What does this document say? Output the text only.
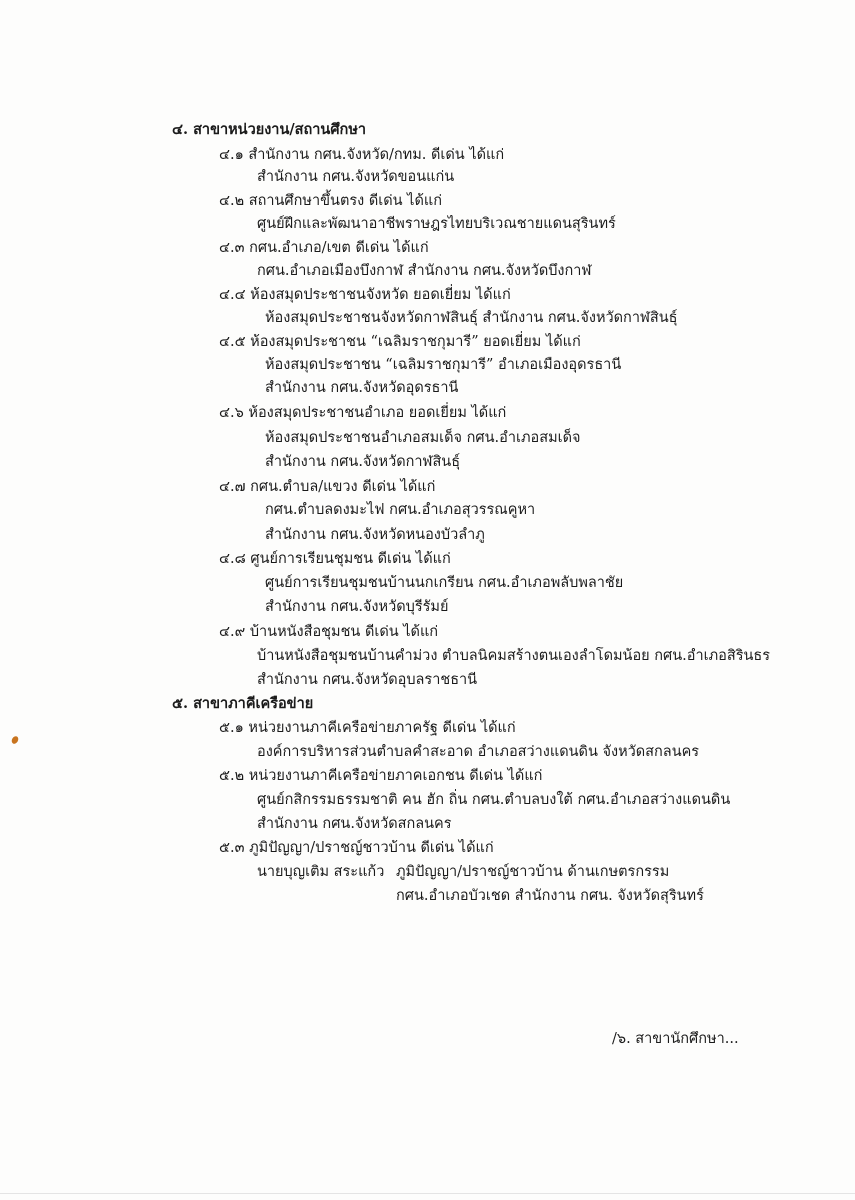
๔. สาขาหน่วยงาน/สถานศึกษา
๔.๑ สำนักงาน กศน.จังหวัด/กทม. ดีเด่น ได้แก่
สำนักงาน กศน.จังหวัดขอนแก่น
๔.๒ สถานศึกษาขึ้นตรง ดีเด่น ได้แก่
ศูนย์ฝึกและพัฒนาอาชีพราษฎรไทยบริเวณชายแดนสุรินทร์
๔.๓ กศน.อำเภอ/เขต ดีเด่น ได้แก่
กศน.อำเภอเมืองบึงกาฬ สำนักงาน กศน.จังหวัดบึงกาฬ
๔.๔ ห้องสมุดประชาชนจังหวัด ยอดเยี่ยม ได้แก่
ห้องสมุดประชาชนจังหวัดกาฬสินธุ์ สำนักงาน กศน.จังหวัดกาฬสินธุ์
๔.๕ ห้องสมุดประชาชน “เฉลิมราชกุมารี” ยอดเยี่ยม ได้แก่
ห้องสมุดประชาชน “เฉลิมราชกุมารี” อำเภอเมืองอุดรธานี
สำนักงาน กศน.จังหวัดอุดรธานี
๔.๖ ห้องสมุดประชาชนอำเภอ ยอดเยี่ยม ได้แก่
ห้องสมุดประชาชนอำเภอสมเด็จ กศน.อำเภอสมเด็จ
สำนักงาน กศน.จังหวัดกาฬสินธุ์
๔.๗ กศน.ตำบล/แขวง ดีเด่น ได้แก่
กศน.ตำบลดงมะไฟ กศน.อำเภอสุวรรณคูหา
สำนักงาน กศน.จังหวัดหนองบัวลำภู
๔.๘ ศูนย์การเรียนชุมชน ดีเด่น ได้แก่
ศูนย์การเรียนชุมชนบ้านนกเกรียน กศน.อำเภอพลับพลาชัย
สำนักงาน กศน.จังหวัดบุรีรัมย์
๔.๙ บ้านหนังสือชุมชน ดีเด่น ได้แก่
บ้านหนังสือชุมชนบ้านคำม่วง ตำบลนิคมสร้างตนเองลำโดมน้อย กศน.อำเภอสิรินธร
สำนักงาน กศน.จังหวัดอุบลราชธานี
๕. สาขาภาคีเครือข่าย
๕.๑ หน่วยงานภาคีเครือข่ายภาครัฐ ดีเด่น ได้แก่
องค์การบริหารส่วนตำบลคำสะอาด อำเภอสว่างแดนดิน จังหวัดสกลนคร
๕.๒ หน่วยงานภาคีเครือข่ายภาคเอกชน ดีเด่น ได้แก่
ศูนย์กสิกรรมธรรมชาติ คน ฮัก ถิ่น กศน.ตำบลบงใต้ กศน.อำเภอสว่างแดนดิน
สำนักงาน กศน.จังหวัดสกลนคร
๕.๓ ภูมิปัญญา/ปราชญ์ชาวบ้าน ดีเด่น ได้แก่
นายบุญเติม สระแก้ว ภูมิปัญญา/ปราชญ์ชาวบ้าน ด้านเกษตรกรรม
กศน.อำเภอบัวเชด สำนักงาน กศน. จังหวัดสุรินทร์
/๖. สาขานักศึกษา...
